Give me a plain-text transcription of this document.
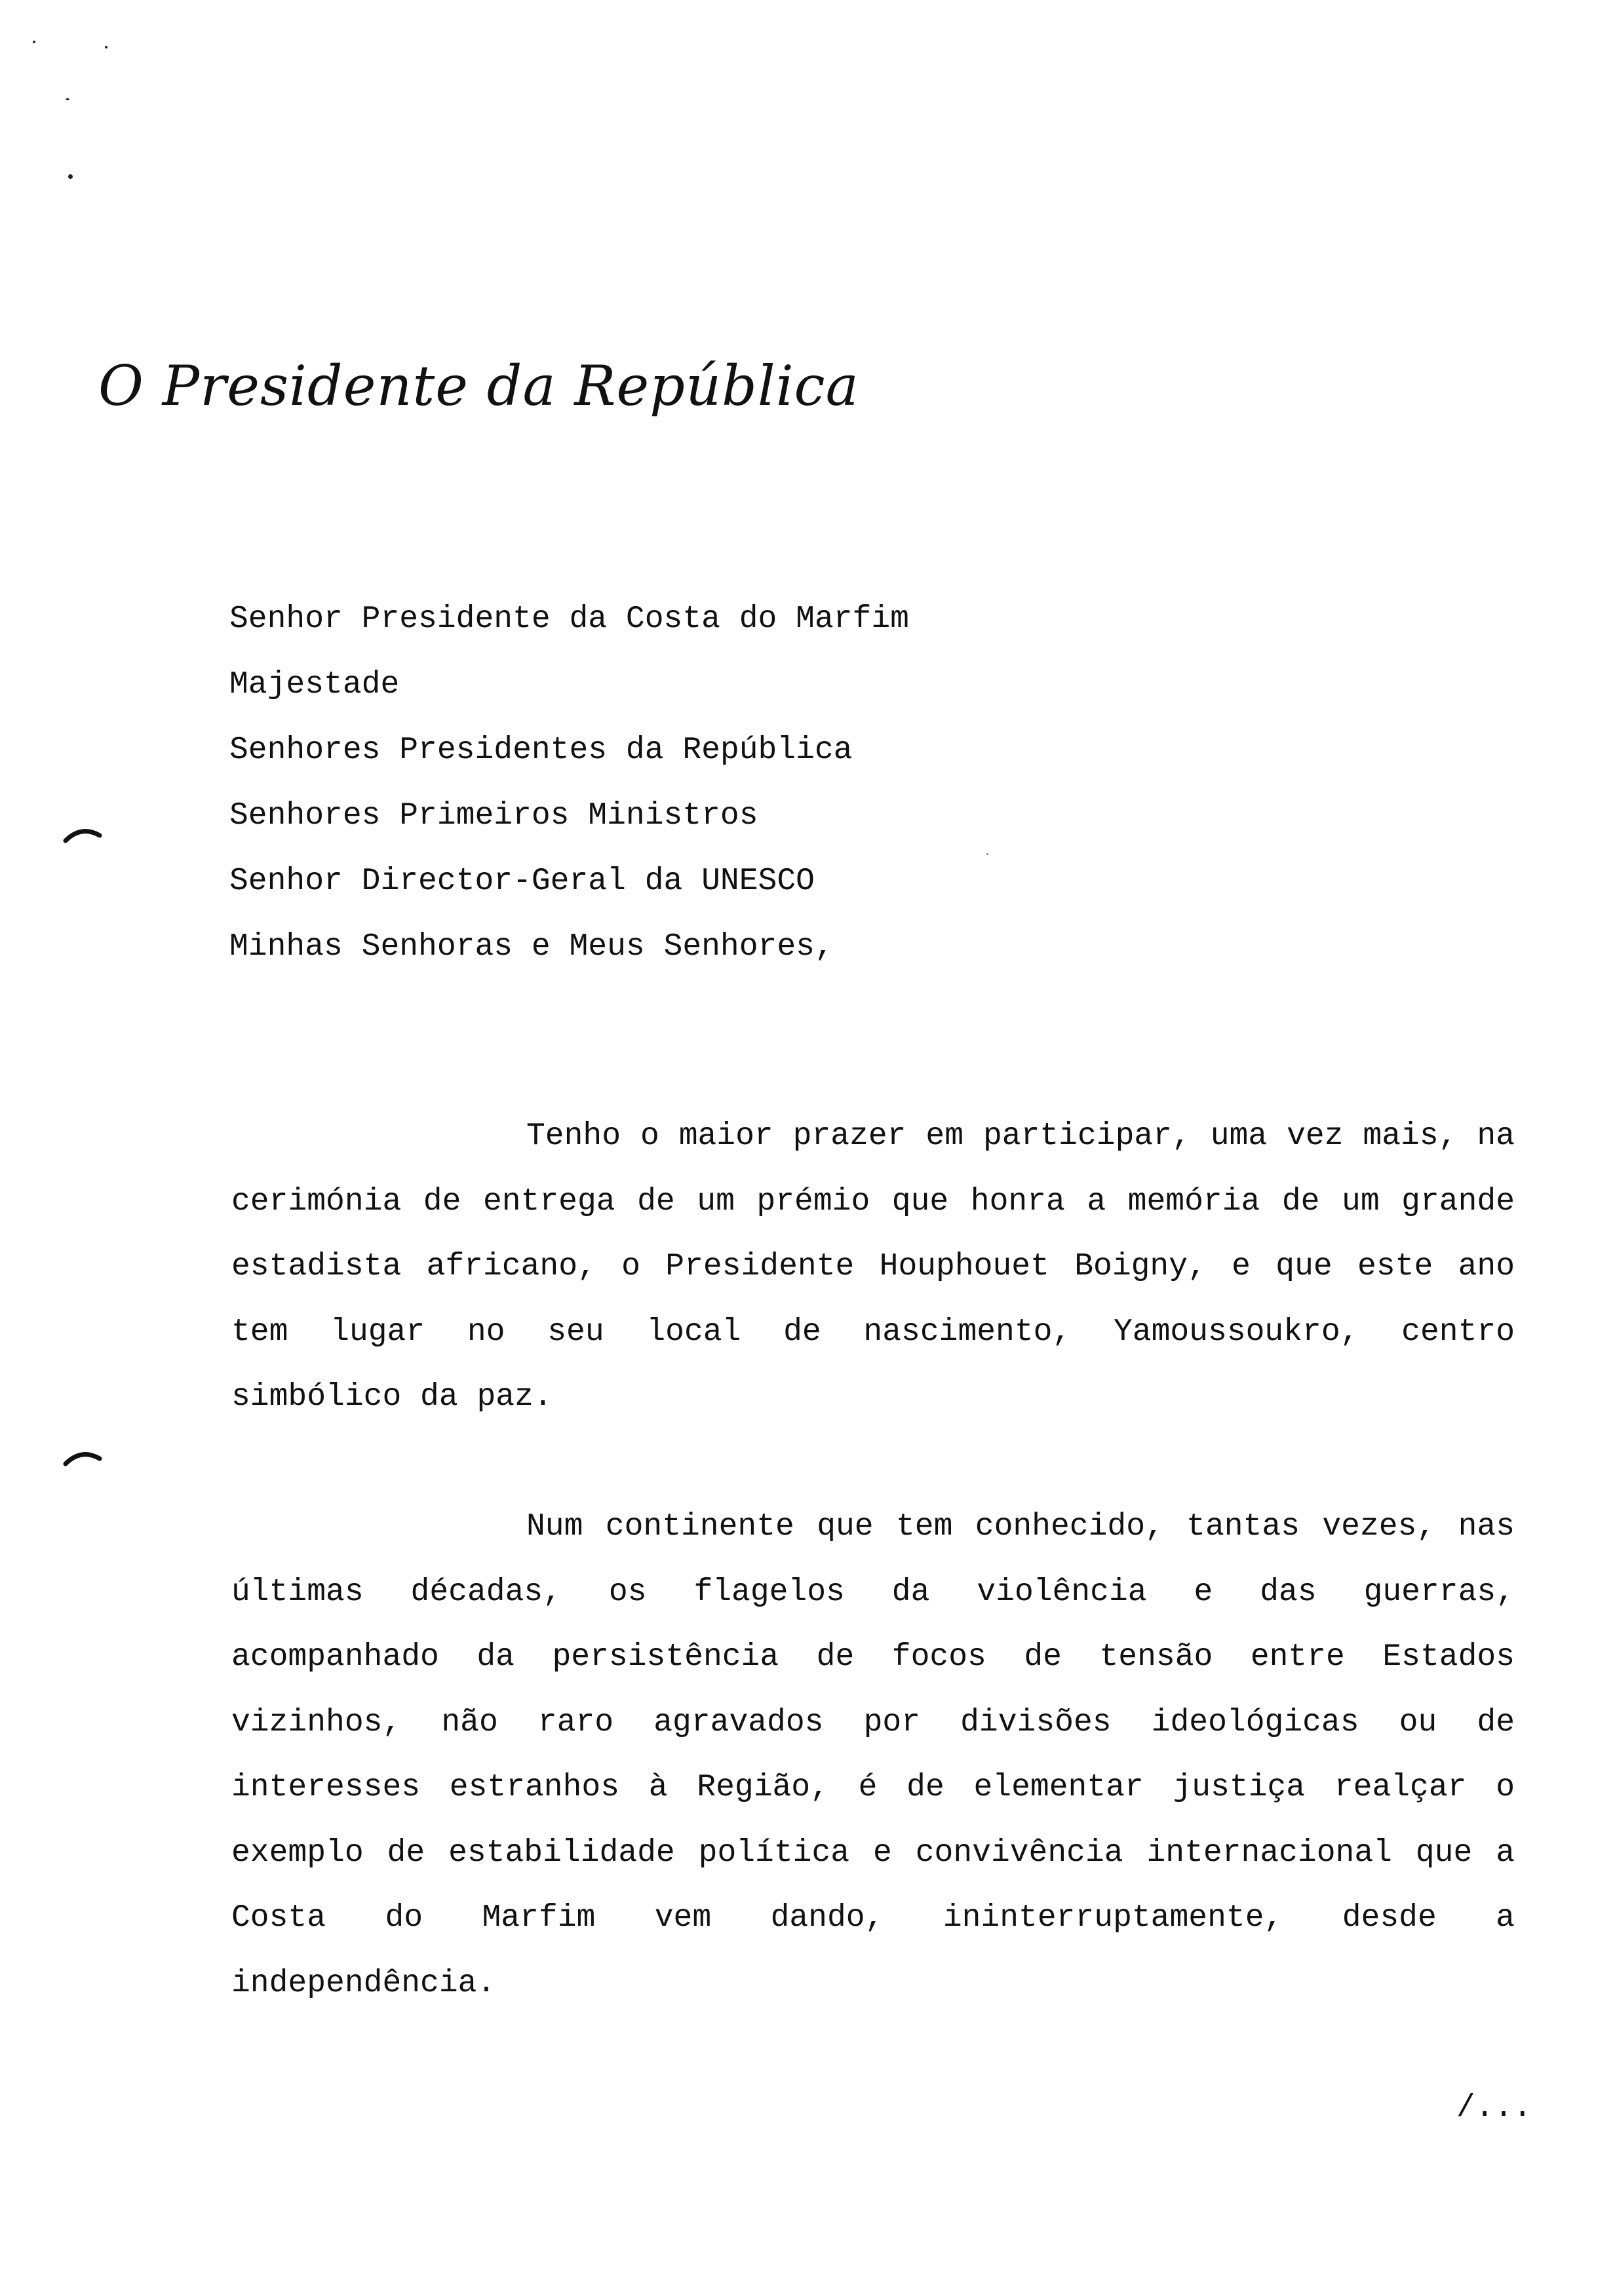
O Presidente da República
Senhor Presidente da Costa do Marfim
Majestade
Senhores Presidentes da República
Senhores Primeiros Ministros
Senhor Director-Geral da UNESCO
Minhas Senhoras e Meus Senhores,

Tenho o maior prazer em participar, uma vez mais, na cerimónia de entrega de um prémio que honra a memória de um grande estadista africano, o Presidente Houphouet Boigny, e que este ano tem lugar no seu local de nascimento, Yamoussoukro, centro simbólico da paz.

Num continente que tem conhecido, tantas vezes, nas últimas décadas, os flagelos da violência e das guerras, acompanhado da persistência de focos de tensão entre Estados vizinhos, não raro agravados por divisões ideológicas ou de interesses estranhos à Região, é de elementar justiça realçar o exemplo de estabilidade política e convivência internacional que a Costa do Marfim vem dando, ininterruptamente, desde a independência.

/...
